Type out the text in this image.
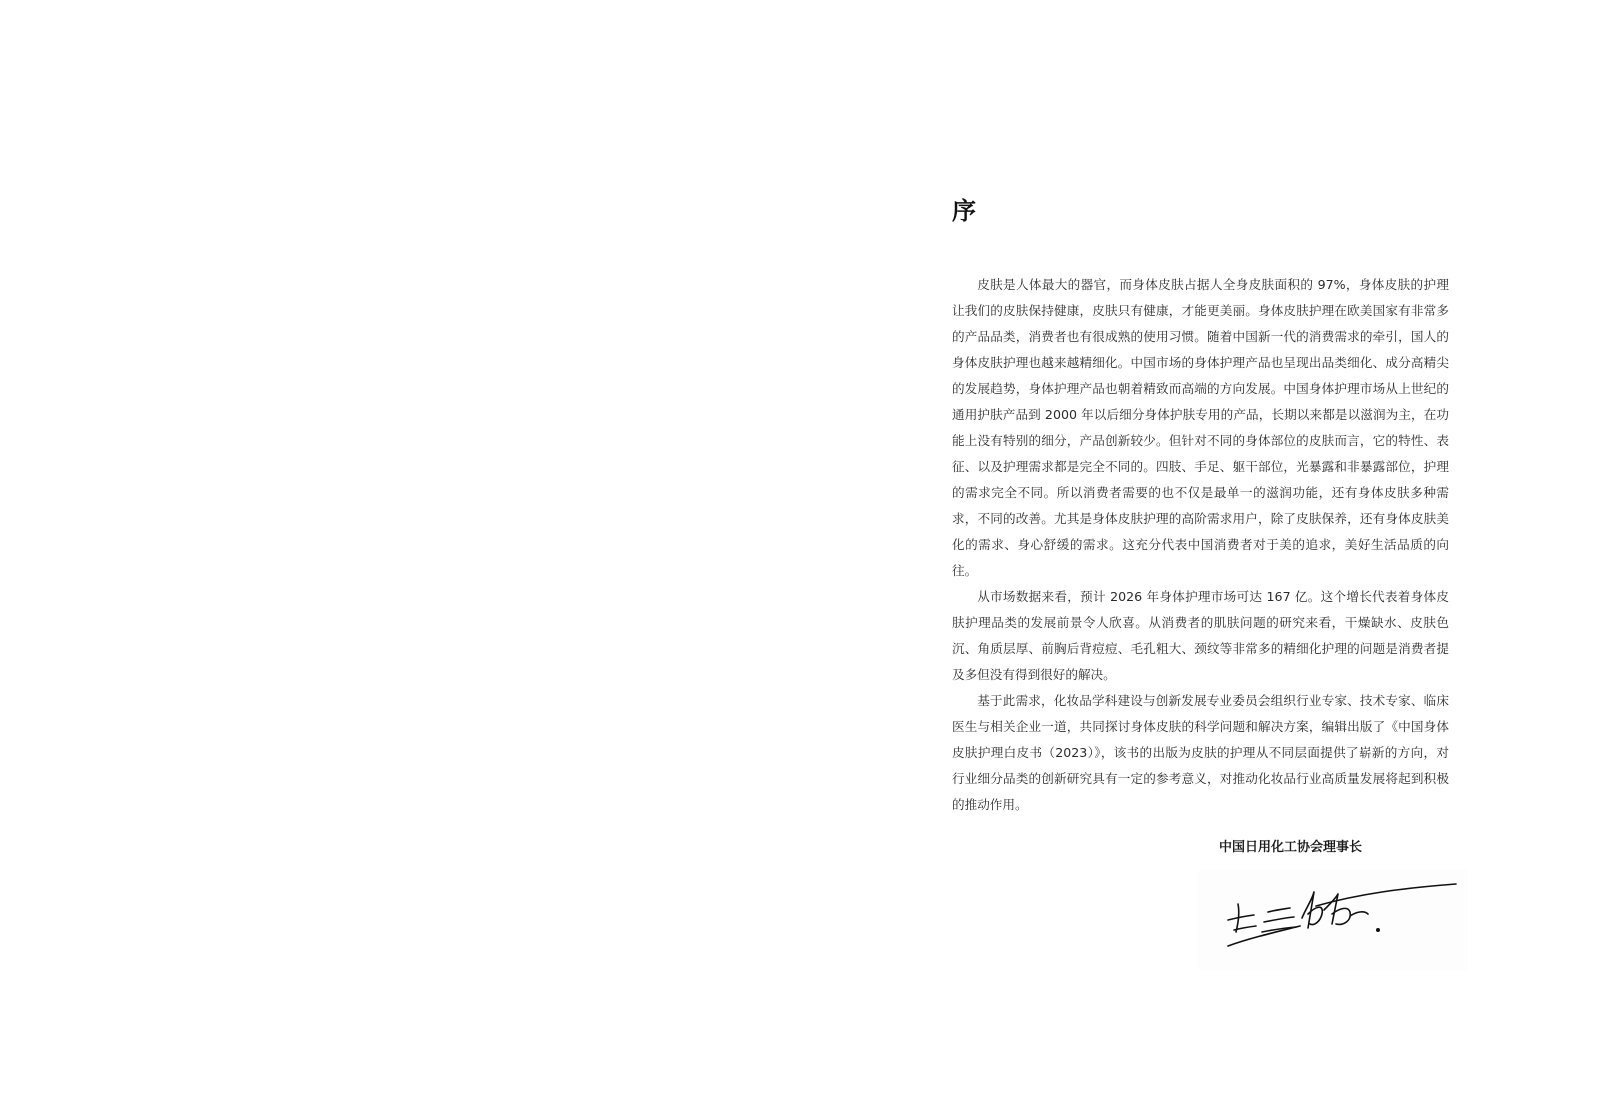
序

皮肤是人体最大的器官，而身体皮肤占据人全身皮肤面积的 97%，身体皮肤的护理让我们的皮肤保持健康，皮肤只有健康，才能更美丽。身体皮肤护理在欧美国家有非常多的产品品类，消费者也有很成熟的使用习惯。随着中国新一代的消费需求的牵引，国人的身体皮肤护理也越来越精细化。中国市场的身体护理产品也呈现出品类细化、成分高精尖的发展趋势，身体护理产品也朝着精致而高端的方向发展。中国身体护理市场从上世纪的通用护肤产品到 2000 年以后细分身体护肤专用的产品，长期以来都是以滋润为主，在功能上没有特别的细分，产品创新较少。但针对不同的身体部位的皮肤而言，它的特性、表征、以及护理需求都是完全不同的。四肢、手足、躯干部位，光暴露和非暴露部位，护理的需求完全不同。所以消费者需要的也不仅是最单一的滋润功能，还有身体皮肤多种需求，不同的改善。尤其是身体皮肤护理的高阶需求用户，除了皮肤保养，还有身体皮肤美化的需求、身心舒缓的需求。这充分代表中国消费者对于美的追求，美好生活品质的向往。

从市场数据来看，预计 2026 年身体护理市场可达 167 亿。这个增长代表着身体皮肤护理品类的发展前景令人欣喜。从消费者的肌肤问题的研究来看，干燥缺水、皮肤色沉、角质层厚、前胸后背痘痘、毛孔粗大、颈纹等非常多的精细化护理的问题是消费者提及多但没有得到很好的解决。

基于此需求，化妆品学科建设与创新发展专业委员会组织行业专家、技术专家、临床医生与相关企业一道，共同探讨身体皮肤的科学问题和解决方案，编辑出版了《中国身体皮肤护理白皮书（2023）》，该书的出版为皮肤的护理从不同层面提供了崭新的方向，对行业细分品类的创新研究具有一定的参考意义，对推动化妆品行业高质量发展将起到积极的推动作用。

中国日用化工协会理事长
